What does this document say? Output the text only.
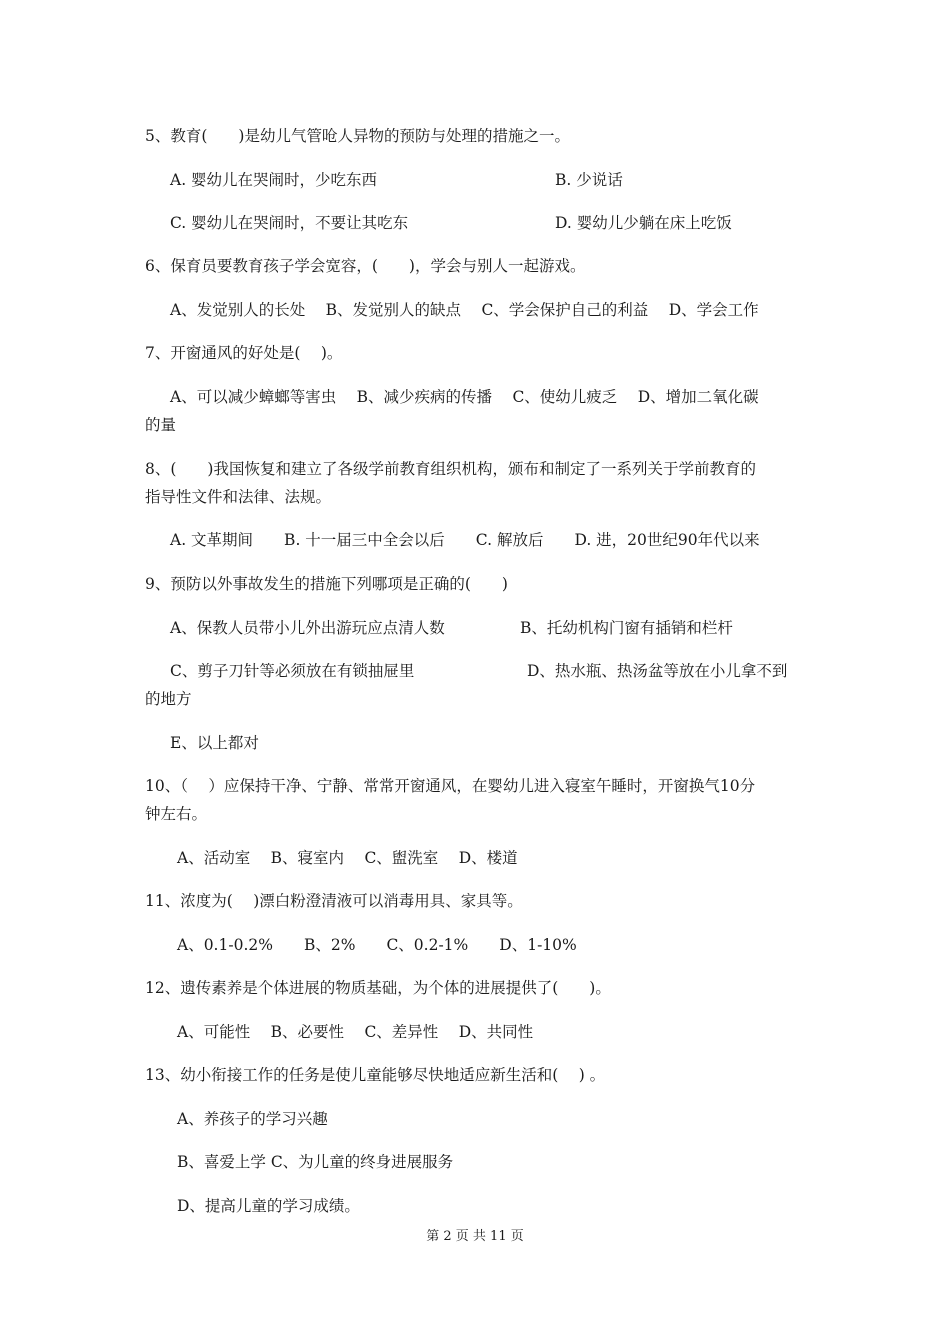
5、教育(　　)是幼儿气管呛人异物的预防与处理的措施之一。
A. 婴幼儿在哭闹时，少吃东西	B. 少说话
C. 婴幼儿在哭闹时，不要让其吃东	D. 婴幼儿少躺在床上吃饭
6、保育员要教育孩子学会宽容，(　　)，学会与别人一起游戏。
A、发觉别人的长处　 B、发觉别人的缺点　 C、学会保护自己的利益　 D、学会工作
7、开窗通风的好处是(　 )。
A、可以减少蟑螂等害虫　 B、减少疾病的传播　 C、使幼儿疲乏　 D、增加二氧化碳
的量
8、(　　)我国恢复和建立了各级学前教育组织机构，颁布和制定了一系列关于学前教育的
指导性文件和法律、法规。
A. 文革期间　　B. 十一届三中全会以后　　C. 解放后　　D. 进，20世纪90年代以来
9、预防以外事故发生的措施下列哪项是正确的(　　)
A、保教人员带小儿外出游玩应点清人数	B、托幼机构门窗有插销和栏杆
C、剪子刀针等必须放在有锁抽屉里	D、热水瓶、热汤盆等放在小儿拿不到
的地方
E、以上都对
10、（　 ）应保持干净、宁静、常常开窗通风，在婴幼儿进入寝室午睡时，开窗换气10分
钟左右。
A、活动室　 B、寝室内　 C、盥洗室　 D、楼道
11、浓度为(　 )漂白粉澄清液可以消毒用具、家具等。
A、0.1-0.2%　　B、2%　　C、0.2-1%　　D、1-10%
12、遗传素养是个体进展的物质基础，为个体的进展提供了(　　)。
A、可能性　 B、必要性　 C、差异性　 D、共同性
13、幼小衔接工作的任务是使儿童能够尽快地适应新生活和(　 ) 。
A、养孩子的学习兴趣
B、喜爱上学 C、为儿童的终身进展服务
D、提高儿童的学习成绩。
第 2 页 共 11 页
